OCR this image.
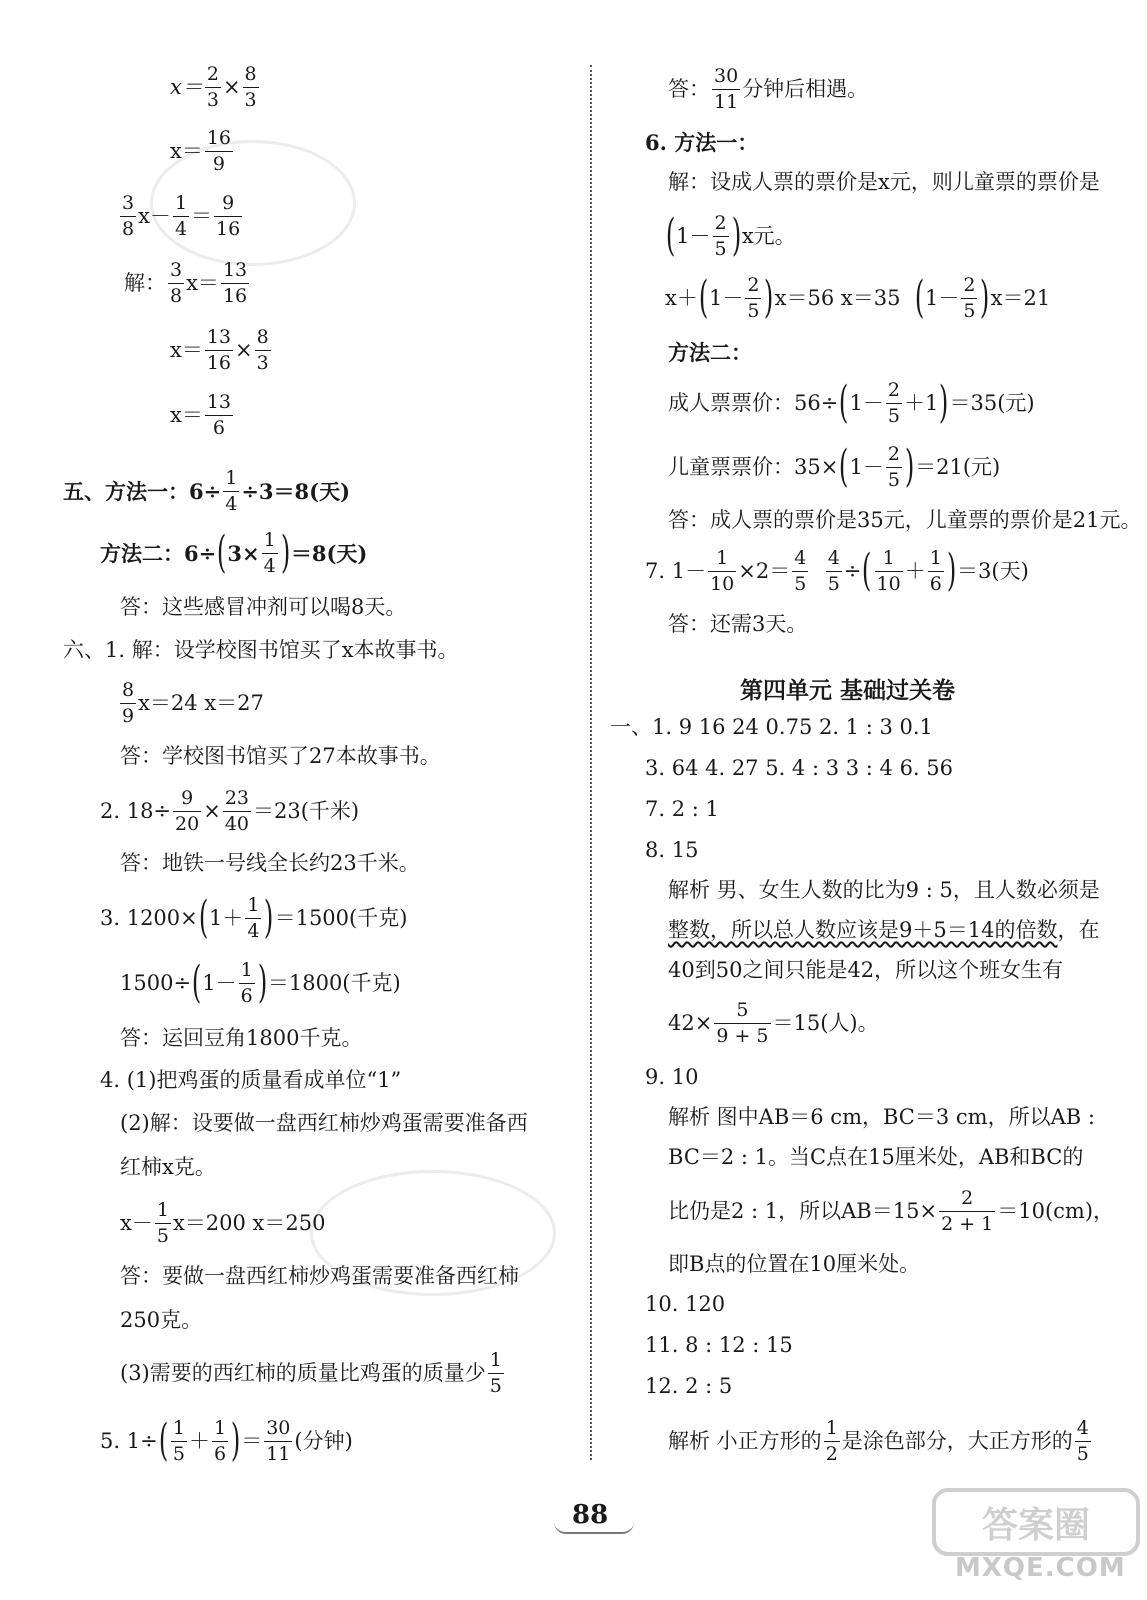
$x= \frac{2}{3} \times \frac{8}{3}$
$x= \frac{16}{9}$
$\frac{3}{8} x- \frac{1}{4} = \frac{9}{16}$
解： $\frac{3}{8} x= \frac{13}{16}$
$x= \frac{13}{16} \times \frac{8}{3}$
$x= \frac{13}{6}$
五、方法一：$6\div \frac{1}{4} \div 3=8$(天)
方法二：6÷ ( $3\times \frac{1}{4}$ ) ＝8(天)
答：这些感冒冲剂可以喝8天。
六、1. 解：设学校图书馆买了x本故事书。
$\frac{8}{9} x=24$ x＝27
答：学校图书馆买了27本故事书。
2. $18\div \frac{9}{20} \times \frac{23}{40} =23$(千米)
答：地铁一号线全长约23千米。
3. 1200× ( $1+ \frac{1}{4}$ ) ＝1500(千克)
1500÷ ( $1- \frac{1}{6}$ ) ＝1800(千克)
答：运回豆角1800千克。
4. (1)把鸡蛋的质量看成单位“1”
(2)解：设要做一盘西红柿炒鸡蛋需要准备西
红柿x克。
$x- \frac{1}{5} x=200$ x＝250
答：要做一盘西红柿炒鸡蛋需要准备西红柿
250克。
(3)需要的西红柿的质量比鸡蛋的质量少 $\frac{1}{5}$
5. 1÷ ( $\frac{1}{5} + \frac{1}{6}$ ) ＝ $\frac{30}{11}$ (分钟)
答： $\frac{30}{11}$ 分钟后相遇。
6. 方法一：
解：设成人票的票价是x元，则儿童票的票价是
( $1- \frac{2}{5}$ ) x元。
x＋ ( $1- \frac{2}{5}$ ) x＝56 x＝35
( $1- \frac{2}{5}$ ) x＝21
方法二：
成人票票价：56÷ ( $1- \frac{2}{5} +1$ ) ＝35(元)
儿童票票价：35× ( $1- \frac{2}{5}$ ) ＝21(元)
答：成人票的票价是35元，儿童票的票价是21元。
7. $1- \frac{1}{10} \times 2= \frac{4}{5}$
$\frac{4}{5}$ ÷ ( $\frac{1}{10} + \frac{1}{6}$ ) ＝3(天)
答：还需3天。
第四单元 基础过关卷
一、1. 9 16 24 0.75 2. 1 : 3 0.1
3. 64 4. 27 5. 4 : 3 3 : 4 6. 56
7. 2 : 1
8. 15
解析 男、女生人数的比为9 : 5，且人数必须是
整数，所以总人数应该是9＋5＝14的倍数 ，在
40到50之间只能是42，所以这个班女生有
$42\times \frac{5}{9 + 5} =15$(人)。
9. 10
解析 图中AB＝6 cm，BC＝3 cm，所以AB :
BC＝2 : 1。当C点在15厘米处，AB和BC的
比仍是2 : 1，所以$AB=15\times \frac{2}{2 + 1} =10(cm)$，
即B点的位置在10厘米处。
10. 120
11. 8 : 12 : 15
12. 2 : 5
解析 小正方形的 $\frac{1}{2}$ 是涂色部分，大正方形的 $\frac{4}{5}$
88	答案圈
MXQE.COM
